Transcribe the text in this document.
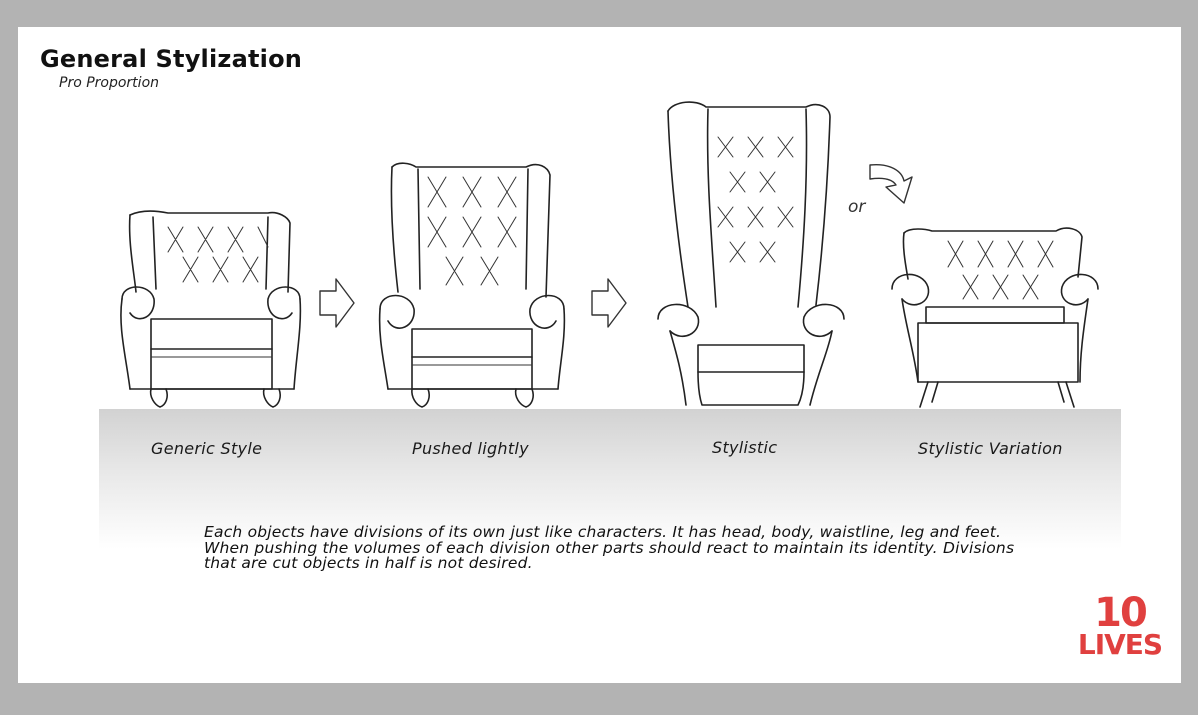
General Stylization

Pro Proportion

or

Generic Style	Pushed lightly	Stylistic	Stylistic Variation

Each objects have divisions of its own just like characters. It has head, body, waistline, leg and feet. When pushing the volumes of each division other parts should react to maintain its identity. Divisions that are cut objects in half is not desired.

10
LIVES
